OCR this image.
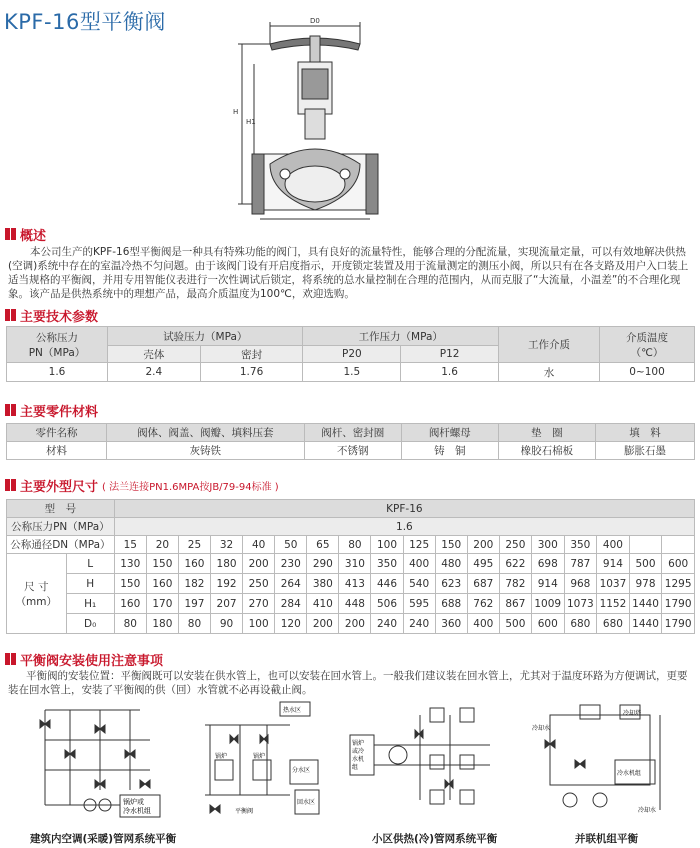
KPF-16型平衡阀	D0
H
H1
概述
本公司生产的KPF-16型平衡阀是一种具有特殊功能的阀门，具有良好的流量特性，能够合理的分配流量，实现流量定量，可以有效地解决供热(空调)系统中存在的室温冷热不匀问题。由于该阀门设有开启度指示，开度锁定装置及用于流量测定的测压小阀，所以只有在各支路及用户入口装上适当规格的平衡阀，并用专用智能仪表进行一次性调试后锁定，将系统的总水量控制在合理的范围内，从而克服了“大流量，小温差”的不合理化现象。该产品是供热系统中的理想产品，最高介质温度为100℃，欢迎选购。
主要技术参数
公称压力
PN（MPa）	试验压力（MPa）		工作压力（MPa）		工作介质	介质温度
（℃）
	壳体	密封	P20	P12		
1.6	2.4	1.76	1.5	1.6	水	0~100
主要零件材料
零件名称	阀体、阀盖、阀瓣、填料压套	阀杆、密封圈	阀杆螺母	垫　圈	填　料
材料	灰铸铁	不锈钢	铸　铜	橡胶石棉板	膨胀石墨
主要外型尺寸 ( 法兰连接PN1.6MPA按JB/79-94标准 )
型　号		KPF-16																	
公称压力PN（MPa）		1.6																	
公称通径DN（MPa）		15	20	25	32	40	50	65	80	100	125	150	200	250	300	350	400		
尺 寸
（mm）	L	130	150	160	180	200	230	290	310	350	400	480	495	622	698	787	914	500	600
	H	150	160	182	192	250	264	380	413	446	540	623	687	782	914	968	1037	978	1295
	H₁	160	170	197	207	270	284	410	448	506	595	688	762	867	1009	1073	1152	1440	1790
	D₀	80	180	80	90	100	120	200	200	240	240	360	400	500	600	680	680	1440	1790
平衡阀安装使用注意事项
平衡阀的安装位置：平衡阀既可以安装在供水管上，也可以安装在回水管上。一般我们建议装在回水管上，尤其对于温度环路为方便调试，更要装在回水管上，安装了平衡阀的供（回）水管就不必再设截止阀。
锅炉或
冷水机组
热水区
锅炉	锅炉
分水区
平衡阀
回水区
锅炉
或冷
水机
组
冷却塔
冷却水
冷水机组
冷却水
建筑内空调(采暖)管网系统平衡	小区供热(冷)管网系统平衡	并联机组平衡
